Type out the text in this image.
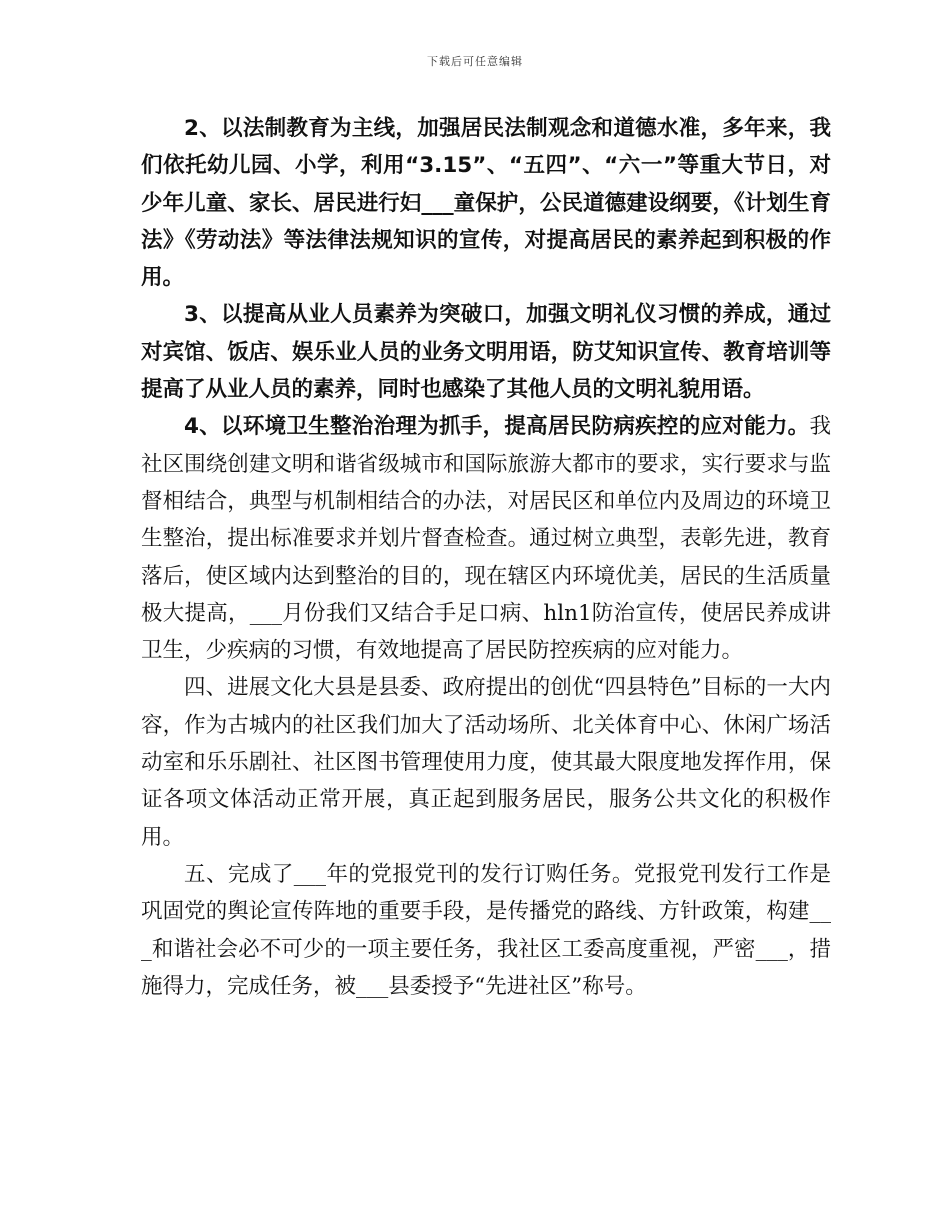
下载后可任意编辑

2、以法制教育为主线，加强居民法制观念和道德水准，多年来，我们依托幼儿园、小学，利用“3.15”、“五四”、“六一”等重大节日，对少年儿童、家长、居民进行妇___童保护，公民道德建设纲要，《计划生育法》《劳动法》等法律法规知识的宣传，对提高居民的素养起到积极的作用。

3、以提高从业人员素养为突破口，加强文明礼仪习惯的养成，通过对宾馆、饭店、娱乐业人员的业务文明用语，防艾知识宣传、教育培训等提高了从业人员的素养，同时也感染了其他人员的文明礼貌用语。

4、以环境卫生整治治理为抓手，提高居民防病疾控的应对能力。我社区围绕创建文明和谐省级城市和国际旅游大都市的要求，实行要求与监督相结合，典型与机制相结合的办法，对居民区和单位内及周边的环境卫生整治，提出标准要求并划片督查检查。通过树立典型，表彰先进，教育落后，使区域内达到整治的目的，现在辖区内环境优美，居民的生活质量极大提高，___月份我们又结合手足口病、hln1防治宣传，使居民养成讲卫生，少疾病的习惯，有效地提高了居民防控疾病的应对能力。

四、进展文化大县是县委、政府提出的创优“四县特色”目标的一大内容，作为古城内的社区我们加大了活动场所、北关体育中心、休闲广场活动室和乐乐剧社、社区图书管理使用力度，使其最大限度地发挥作用，保证各项文体活动正常开展，真正起到服务居民，服务公共文化的积极作用。

五、完成了___年的党报党刊的发行订购任务。党报党刊发行工作是巩固党的舆论宣传阵地的重要手段，是传播党的路线、方针政策，构建___和谐社会必不可少的一项主要任务，我社区工委高度重视，严密___，措施得力，完成任务，被___县委授予“先进社区”称号。
